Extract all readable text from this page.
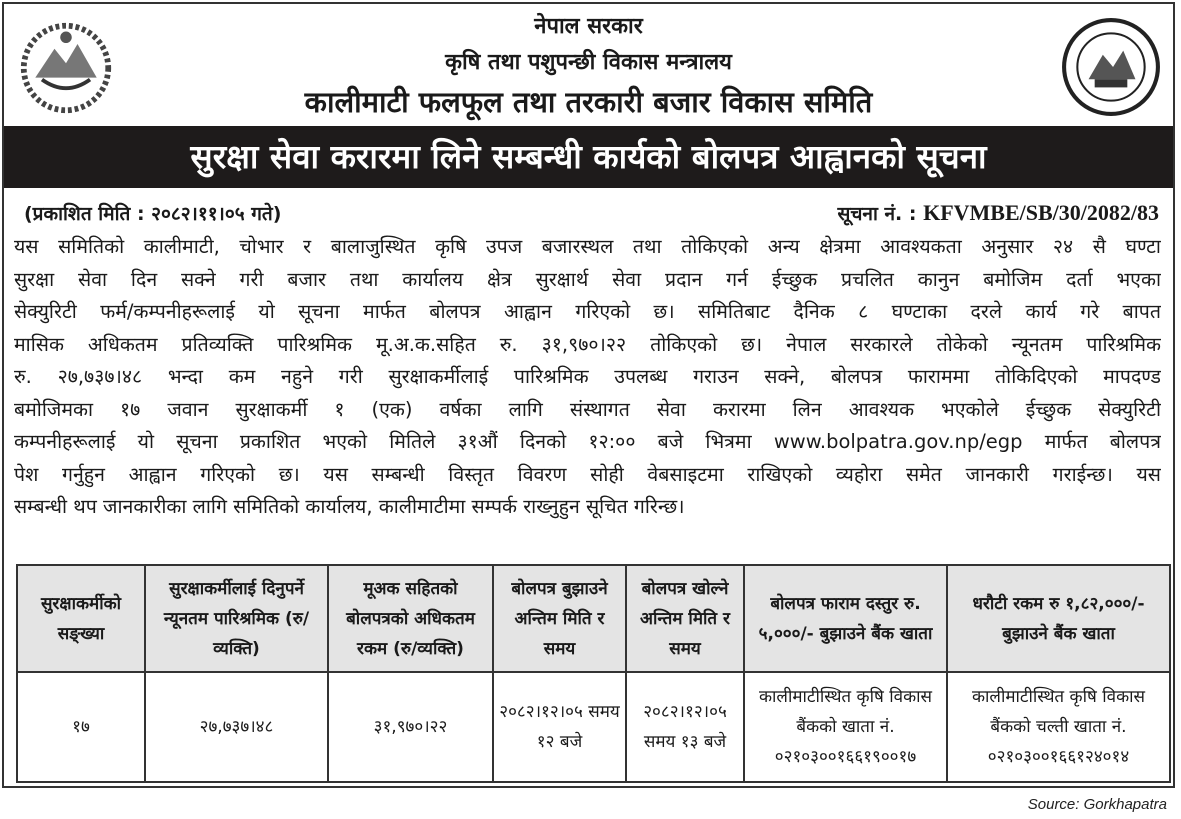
नेपाल सरकार
कृषि तथा पशुपन्छी विकास मन्त्रालय
कालीमाटी फलफूल तथा तरकारी बजार विकास समिति
सुरक्षा सेवा करारमा लिने सम्बन्धी कार्यको बोलपत्र आह्वानको सूचना
(प्रकाशित मिति : २०८२।११।०५ गते)	सूचना नं. : KFVMBE/SB/30/2082/83
यस समितिको कालीमाटी, चोभार र बालाजुस्थित कृषि उपज बजारस्थल तथा तोकिएको अन्य क्षेत्रमा आवश्यकता अनुसार २४ सै घण्टा
सुरक्षा सेवा दिन सक्ने गरी बजार तथा कार्यालय क्षेत्र सुरक्षार्थ सेवा प्रदान गर्न ईच्छुक प्रचलित कानुन बमोजिम दर्ता भएका
सेक्युरिटी फर्म/कम्पनीहरूलाई यो सूचना मार्फत बोलपत्र आह्वान गरिएको छ। समितिबाट दैनिक ८ घण्टाका दरले कार्य गरे बापत
मासिक अधिकतम प्रतिव्यक्ति पारिश्रमिक मू.अ.क.सहित रु. ३१,९७०।२२ तोकिएको छ। नेपाल सरकारले तोकेको न्यूनतम पारिश्रमिक
रु. २७,७३७।४८ भन्दा कम नहुने गरी सुरक्षाकर्मीलाई पारिश्रमिक उपलब्ध गराउन सक्ने, बोलपत्र फाराममा तोकिदिएको मापदण्ड
बमोजिमका १७ जवान सुरक्षाकर्मी १ (एक) वर्षका लागि संस्थागत सेवा करारमा लिन आवश्यक भएकोले ईच्छुक सेक्युरिटी
कम्पनीहरूलाई यो सूचना प्रकाशित भएको मितिले ३१औं दिनको १२:०० बजे भित्रमा www.bolpatra.gov.np/egp मार्फत बोलपत्र
पेश गर्नुहुन आह्वान गरिएको छ। यस सम्बन्धी विस्तृत विवरण सोही वेबसाइटमा राखिएको व्यहोरा समेत जानकारी गराईन्छ। यस
सम्बन्धी थप जानकारीका लागि समितिको कार्यालय, कालीमाटीमा सम्पर्क राख्नुहुन सूचित गरिन्छ।
सुरक्षाकर्मीको सङ्ख्या	सुरक्षाकर्मीलाई दिनुपर्ने न्यूनतम पारिश्रमिक (रु/व्यक्ति)	मूअक सहितको बोलपत्रको अधिकतम रकम (रु/व्यक्ति)	बोलपत्र बुझाउने अन्तिम मिति र समय	बोलपत्र खोल्ने अन्तिम मिति र समय	बोलपत्र फाराम दस्तुर रु. ५,०००/- बुझाउने बैंक खाता	धरौटी रकम रु १,८२,०००/- बुझाउने बैंक खाता
१७	२७,७३७।४८	३१,९७०।२२	२०८२।१२।०५ समय १२ बजे	२०८२।१२।०५ समय १३ बजे	कालीमाटीस्थित कृषि विकास बैंकको खाता नं. ०२१०३००१६६१९००१७	कालीमाटीस्थित कृषि विकास बैंकको चल्ती खाता नं. ०२१०३००१६६१२४०१४
Source: Gorkhapatra
